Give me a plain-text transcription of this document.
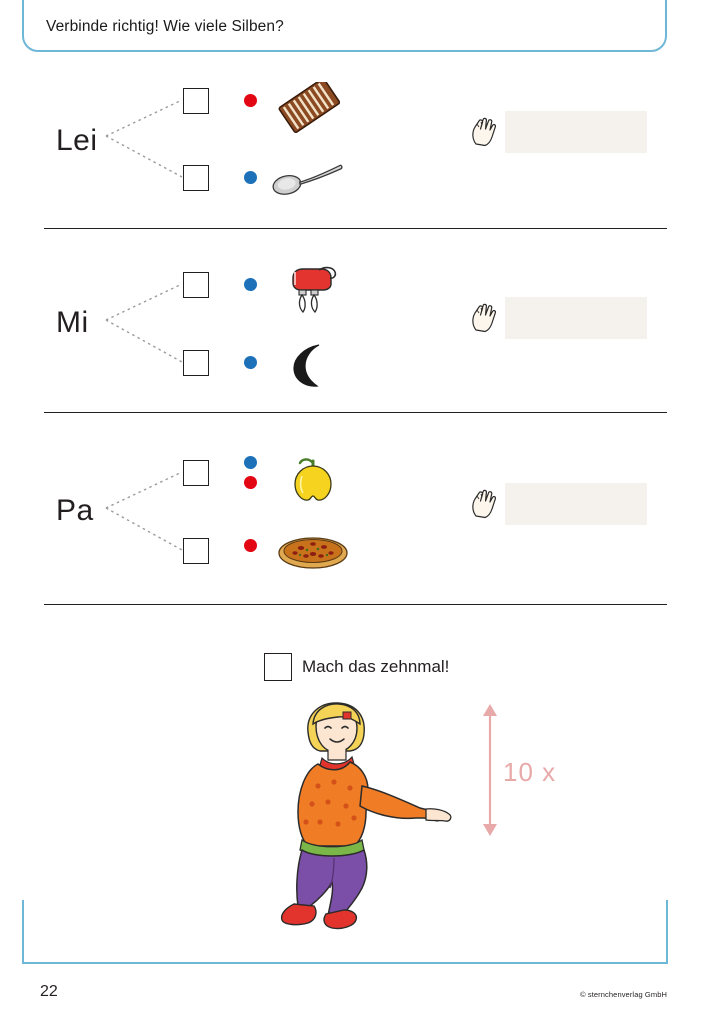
Verbinde richtig! Wie viele Silben?
Lei
Mi
Pa
Mach das zehnmal!
10 x
22	© sternchenverlag GmbH
